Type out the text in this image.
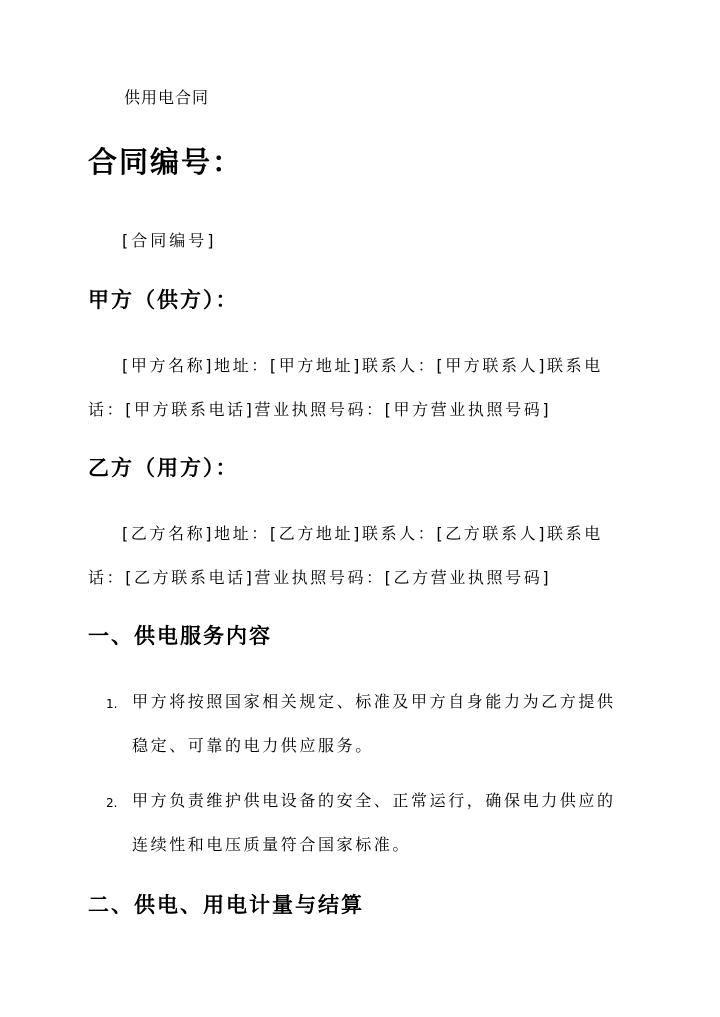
供用电合同
合同编号：
[合同编号]
甲方（供方）：
[甲方名称]地址：[甲方地址]联系人：[甲方联系人]联系电
话：[甲方联系电话]营业执照号码：[甲方营业执照号码]
乙方（用方）：
[乙方名称]地址：[乙方地址]联系人：[乙方联系人]联系电
话：[乙方联系电话]营业执照号码：[乙方营业执照号码]
一、供电服务内容
1. 甲方将按照国家相关规定、标准及甲方自身能力为乙方提供
稳定、可靠的电力供应服务。
2. 甲方负责维护供电设备的安全、正常运行，确保电力供应的
连续性和电压质量符合国家标准。
二、供电、用电计量与结算
